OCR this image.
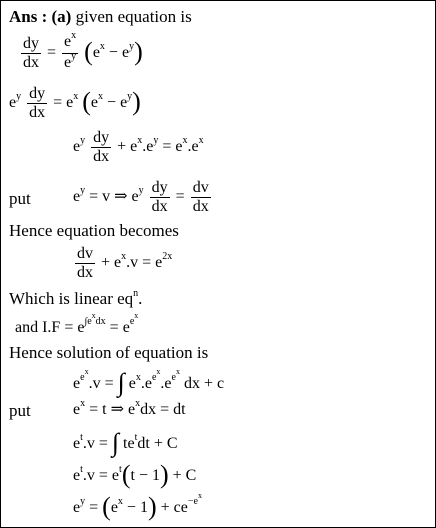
Ans : (a) given equation is
$\frac{dy}{dx} = \frac{e^x}{e^y} (e^x - e^y)$
$e^y \frac{dy}{dx} = e^x$ $(e^x - e^y)$
$e^y \frac{dy}{dx} + e^x.e^y = e^x.e^x$
put	$e^y = v$ ⇒ $e^y \frac{dy}{dx} = \frac{dv}{dx}$
Hence equation becomes
$\frac{dv}{dx} + e^x.v = e^{2x}$
Which is linear $eq^n$.
and $I.F = e^{\int e^xdx} = e^{e^x}$
Hence solution of equation is
$e^{e^x}.v$ = ∫ $e^x.e^{e^x}.e^{e^x}$ dx + c
put	$e^x = t$ ⇒ $e^xdx$ = dt
$e^t.v$ = ∫ $te^tdt + C$
$e^t.v = e^t(t - 1) + C$
$e^y = (e^x - 1) + ce^{-e^x}$
